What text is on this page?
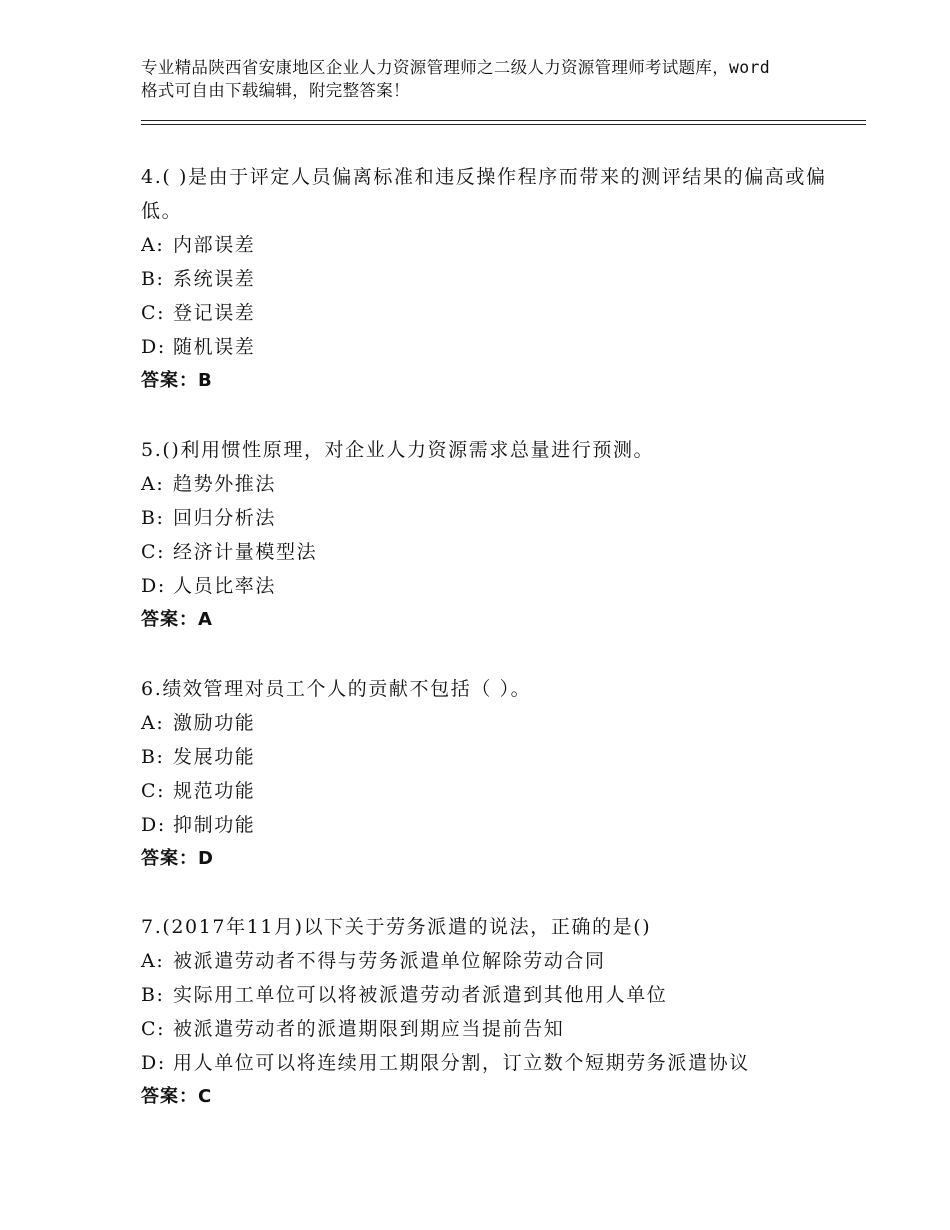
专业精品陕西省安康地区企业人力资源管理师之二级人力资源管理师考试题库，word格式可自由下载编辑，附完整答案！

4.( )是由于评定人员偏离标准和违反操作程序而带来的测评结果的偏高或偏低。

A: 内部误差

B: 系统误差

C: 登记误差

D: 随机误差

答案：B

5.()利用惯性原理，对企业人力资源需求总量进行预测。

A: 趋势外推法

B: 回归分析法

C: 经济计量模型法

D: 人员比率法

答案：A

6.绩效管理对员工个人的贡献不包括（ ）。

A: 激励功能

B: 发展功能

C: 规范功能

D: 抑制功能

答案：D

7.(2017年11月)以下关于劳务派遣的说法，正确的是()

A: 被派遣劳动者不得与劳务派遣单位解除劳动合同

B: 实际用工单位可以将被派遣劳动者派遣到其他用人单位

C: 被派遣劳动者的派遣期限到期应当提前告知

D: 用人单位可以将连续用工期限分割，订立数个短期劳务派遣协议

答案：C
